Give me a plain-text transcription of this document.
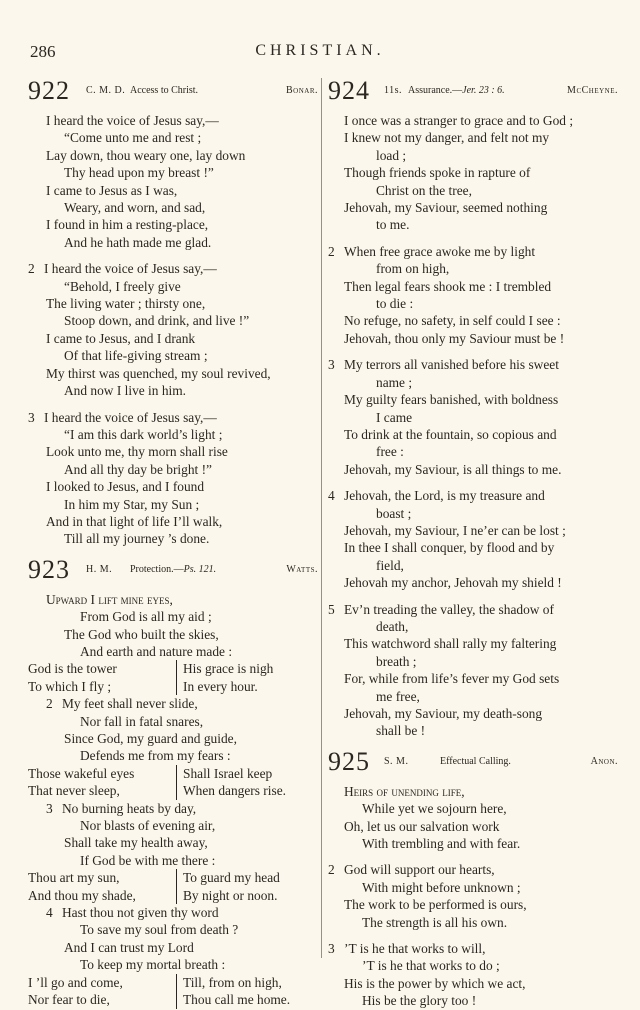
286	CHRISTIAN.
922 C. M. D. Access to Christ.	Bonar.
I heard the voice of Jesus say,—
“Come unto me and rest ;
Lay down, thou weary one, lay down
Thy head upon my breast !”
I came to Jesus as I was,
Weary, and worn, and sad,
I found in him a resting-place,
And he hath made me glad.
2 I heard the voice of Jesus say,—
“Behold, I freely give
The living water ; thirsty one,
Stoop down, and drink, and live !”
I came to Jesus, and I drank
Of that life-giving stream ;
My thirst was quenched, my soul revived,
And now I live in him.
3 I heard the voice of Jesus say,—
“I am this dark world’s light ;
Look unto me, thy morn shall rise
And all thy day be bright !”
I looked to Jesus, and I found
In him my Star, my Sun ;
And in that light of life I’ll walk,
Till all my journey ’s done.
923 H. M. Protection.—Ps. 121.	Watts.
Upward I lift mine eyes,
From God is all my aid ;
The God who built the skies,
And earth and nature made :
God is the tower	His grace is nigh
To which I fly ;	In every hour.
2 My feet shall never slide,
Nor fall in fatal snares,
Since God, my guard and guide,
Defends me from my fears :
Those wakeful eyes	Shall Israel keep
That never sleep,	When dangers rise.
3 No burning heats by day,
Nor blasts of evening air,
Shall take my health away,
If God be with me there :
Thou art my sun,	To guard my head
And thou my shade,	By night or noon.
4 Hast thou not given thy word
To save my soul from death ?
And I can trust my Lord
To keep my mortal breath :
I ’ll go and come,	Till, from on high,
Nor fear to die,	Thou call me home.
924 11s. Assurance.—Jer. 23 : 6.	McCheyne.
I once was a stranger to grace and to God ;
I knew not my danger, and felt not my
load ;
Though friends spoke in rapture of
Christ on the tree,
Jehovah, my Saviour, seemed nothing
to me.
2 When free grace awoke me by light
from on high,
Then legal fears shook me : I trembled
to die :
No refuge, no safety, in self could I see :
Jehovah, thou only my Saviour must be !
3 My terrors all vanished before his sweet
name ;
My guilty fears banished, with boldness
I came
To drink at the fountain, so copious and
free :
Jehovah, my Saviour, is all things to me.
4 Jehovah, the Lord, is my treasure and
boast ;
Jehovah, my Saviour, I ne’er can be lost ;
In thee I shall conquer, by flood and by
field,
Jehovah my anchor, Jehovah my shield !
5 Ev’n treading the valley, the shadow of
death,
This watchword shall rally my faltering
breath ;
For, while from life’s fever my God sets
me free,
Jehovah, my Saviour, my death-song
shall be !
925 S. M.	Effectual Calling.	Anon.
Heirs of unending life,
While yet we sojourn here,
Oh, let us our salvation work
With trembling and with fear.
2 God will support our hearts,
With might before unknown ;
The work to be performed is ours,
The strength is all his own.
3 ’T is he that works to will,
’T is he that works to do ;
His is the power by which we act,
His be the glory too !
